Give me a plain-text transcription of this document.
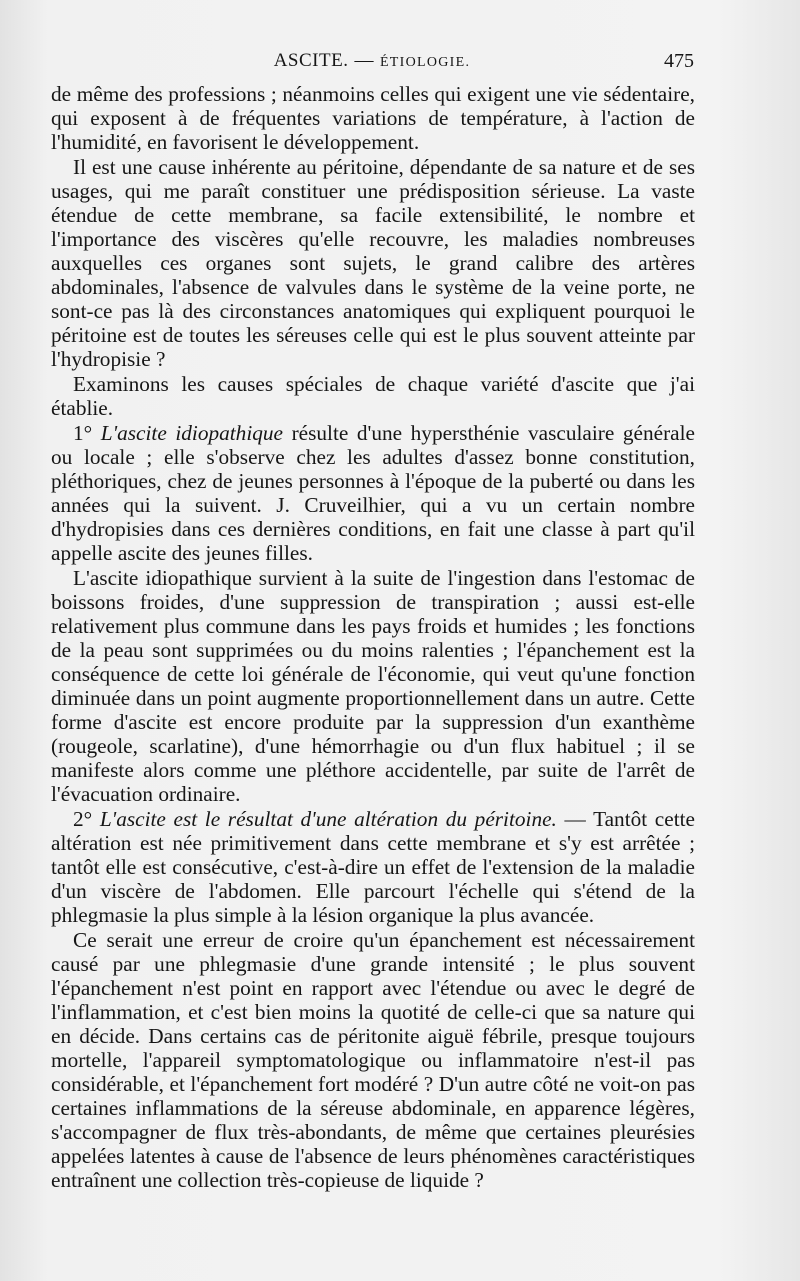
ASCITE. — ÉTIOLOGIE.	475

de même des professions ; néanmoins celles qui exigent une vie sédentaire, qui exposent à de fréquentes variations de température, à l'action de l'humidité, en favorisent le développement.

Il est une cause inhérente au péritoine, dépendante de sa nature et de ses usages, qui me paraît constituer une prédisposition sérieuse. La vaste étendue de cette membrane, sa facile extensibilité, le nombre et l'importance des viscères qu'elle recouvre, les maladies nombreuses auxquelles ces organes sont sujets, le grand calibre des artères abdominales, l'absence de valvules dans le système de la veine porte, ne sont-ce pas là des circonstances anatomiques qui expliquent pourquoi le péritoine est de toutes les séreuses celle qui est le plus souvent atteinte par l'hydropisie ?

Examinons les causes spéciales de chaque variété d'ascite que j'ai établie.

1° L'ascite idiopathique résulte d'une hypersthénie vasculaire générale ou locale ; elle s'observe chez les adultes d'assez bonne constitution, pléthoriques, chez de jeunes personnes à l'époque de la puberté ou dans les années qui la suivent. J. Cruveilhier, qui a vu un certain nombre d'hydropisies dans ces dernières conditions, en fait une classe à part qu'il appelle ascite des jeunes filles.

L'ascite idiopathique survient à la suite de l'ingestion dans l'estomac de boissons froides, d'une suppression de transpiration ; aussi est-elle relativement plus commune dans les pays froids et humides ; les fonctions de la peau sont supprimées ou du moins ralenties ; l'épanchement est la conséquence de cette loi générale de l'économie, qui veut qu'une fonction diminuée dans un point augmente proportionnellement dans un autre. Cette forme d'ascite est encore produite par la suppression d'un exanthème (rougeole, scarlatine), d'une hémorrhagie ou d'un flux habituel ; il se manifeste alors comme une pléthore accidentelle, par suite de l'arrêt de l'évacuation ordinaire.

2° L'ascite est le résultat d'une altération du péritoine. — Tantôt cette altération est née primitivement dans cette membrane et s'y est arrêtée ; tantôt elle est consécutive, c'est-à-dire un effet de l'extension de la maladie d'un viscère de l'abdomen. Elle parcourt l'échelle qui s'étend de la phlegmasie la plus simple à la lésion organique la plus avancée.

Ce serait une erreur de croire qu'un épanchement est nécessairement causé par une phlegmasie d'une grande intensité ; le plus souvent l'épanchement n'est point en rapport avec l'étendue ou avec le degré de l'inflammation, et c'est bien moins la quotité de celle-ci que sa nature qui en décide. Dans certains cas de péritonite aiguë fébrile, presque toujours mortelle, l'appareil symptomatologique ou inflammatoire n'est-il pas considérable, et l'épanchement fort modéré ? D'un autre côté ne voit-on pas certaines inflammations de la séreuse abdominale, en apparence légères, s'accompagner de flux très-abondants, de même que certaines pleurésies appelées latentes à cause de l'absence de leurs phénomènes caractéristiques entraînent une collection très-copieuse de liquide ?
